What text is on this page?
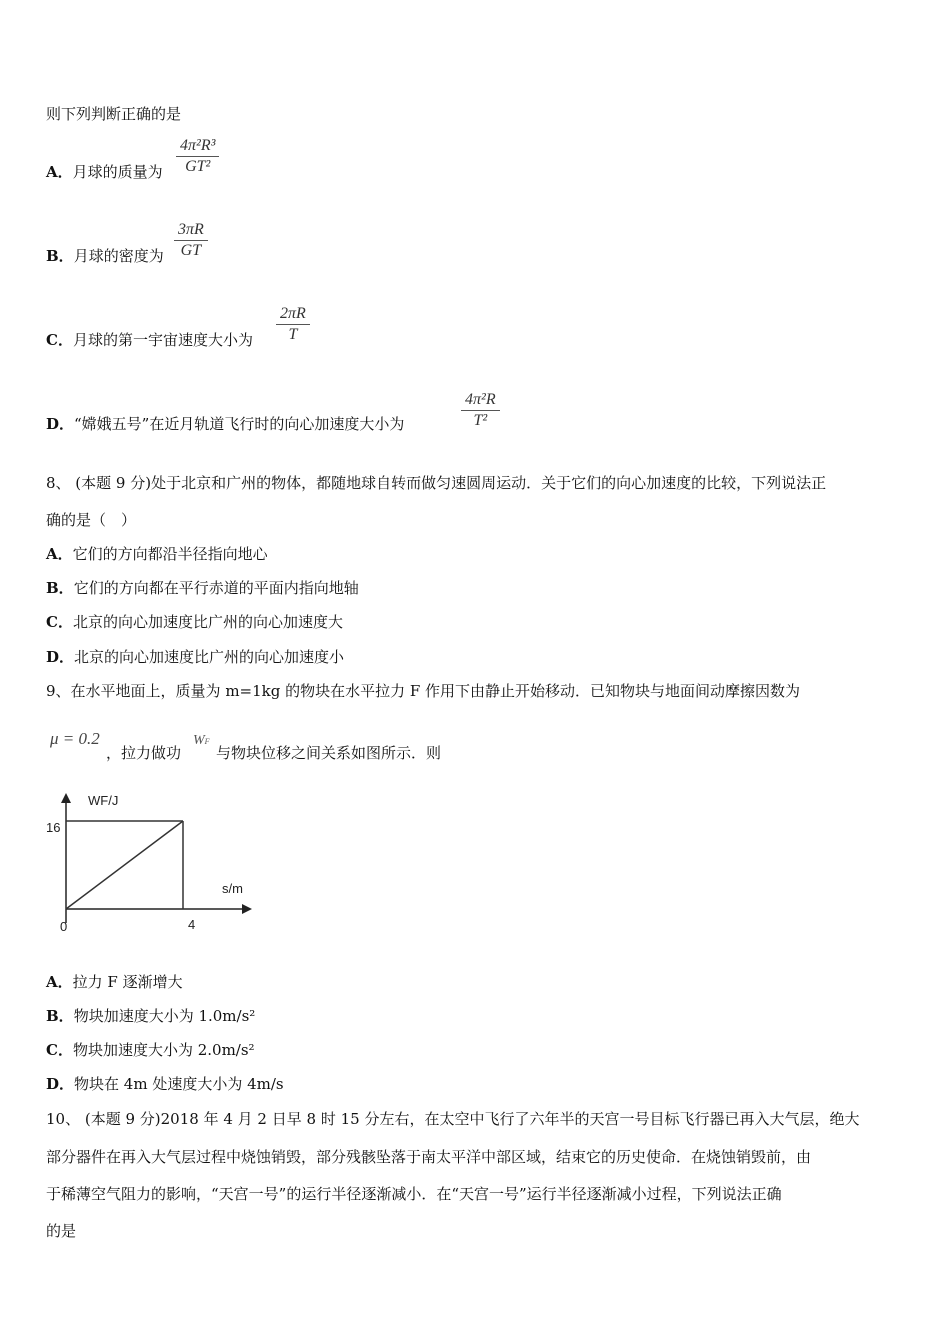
则下列判断正确的是
A．月球的质量为
4π²R³
GT²
B．月球的密度为
3πR
GT
C．月球的第一宇宙速度大小为
2πR
T
D．“嫦娥五号”在近月轨道飞行时的向心加速度大小为
4π²R
T²
8、 (本题 9 分)处于北京和广州的物体，都随地球自转而做匀速圆周运动．关于它们的向心加速度的比较，下列说法正
确的是（　）
A．它们的方向都沿半径指向地心
B．它们的方向都在平行赤道的平面内指向地轴
C．北京的向心加速度比广州的向心加速度大
D．北京的向心加速度比广州的向心加速度小
9、在水平地面上，质量为 m=1kg 的物块在水平拉力 F 作用下由静止开始移动．已知物块与地面间动摩擦因数为
μ = 0.2
，拉力做功
WF
与物块位移之间关系如图所示．则
WF/J
s/m
16
4
0
A．拉力 F 逐渐增大
B．物块加速度大小为 1.0m/s²
C．物块加速度大小为 2.0m/s²
D．物块在 4m 处速度大小为 4m/s
10、 (本题 9 分)2018 年 4 月 2 日早 8 时 15 分左右，在太空中飞行了六年半的天宫一号目标飞行器已再入大气层，绝大
部分器件在再入大气层过程中烧蚀销毁，部分残骸坠落于南太平洋中部区域，结束它的历史使命．在烧蚀销毁前，由
于稀薄空气阻力的影响，“天宫一号”的运行半径逐渐减小．在“天宫一号”运行半径逐渐减小过程，下列说法正确
的是
